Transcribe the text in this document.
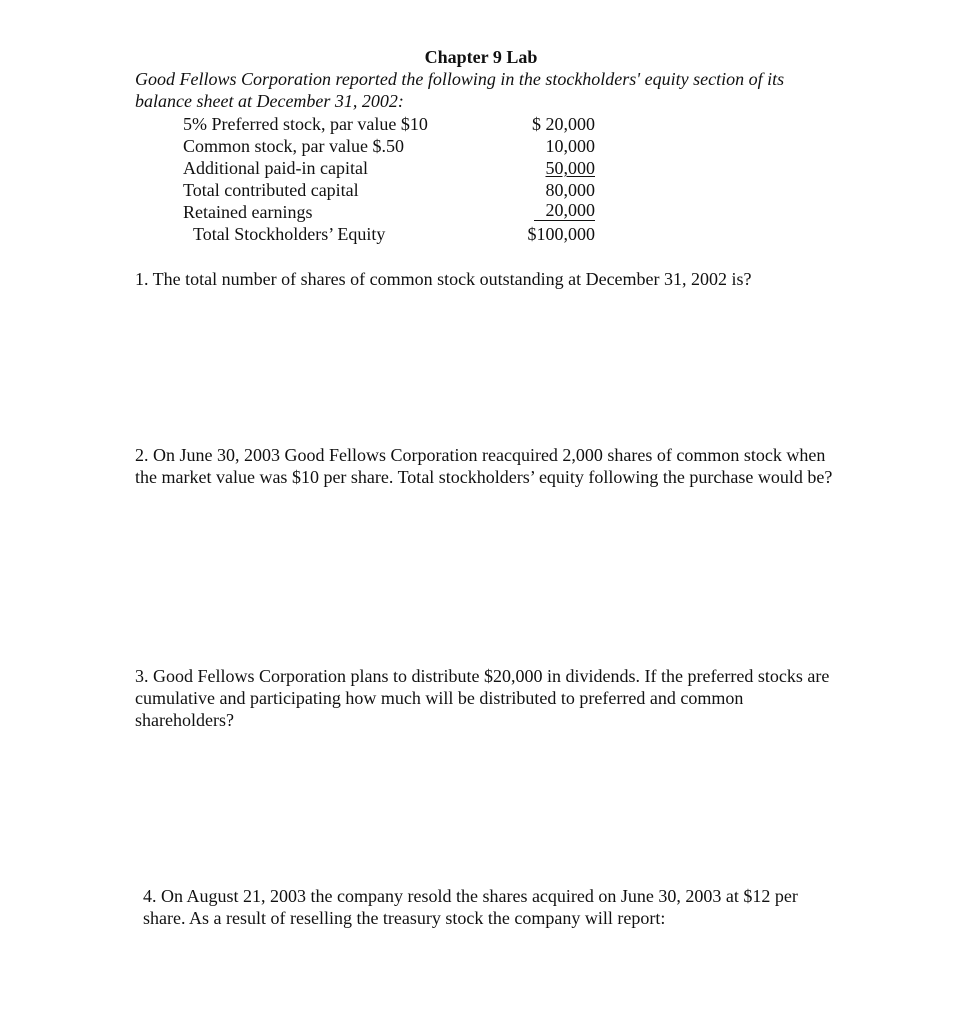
Chapter 9 Lab
Good Fellows Corporation reported the following in the stockholders' equity section of its balance sheet at December 31, 2002:
5% Preferred stock, par value $10	$ 20,000
Common stock, par value $.50	10,000
Additional paid-in capital	50,000
Total contributed capital	80,000
Retained earnings	20,000
Total Stockholders’ Equity	$100,000
1. The total number of shares of common stock outstanding at December 31, 2002 is?
2. On June 30, 2003 Good Fellows Corporation reacquired 2,000 shares of common stock when the market value was $10 per share. Total stockholders’ equity following the purchase would be?
3. Good Fellows Corporation plans to distribute $20,000 in dividends. If the preferred stocks are cumulative and participating how much will be distributed to preferred and common shareholders?
4. On August 21, 2003 the company resold the shares acquired on June 30, 2003 at $12 per share. As a result of reselling the treasury stock the company will report:
